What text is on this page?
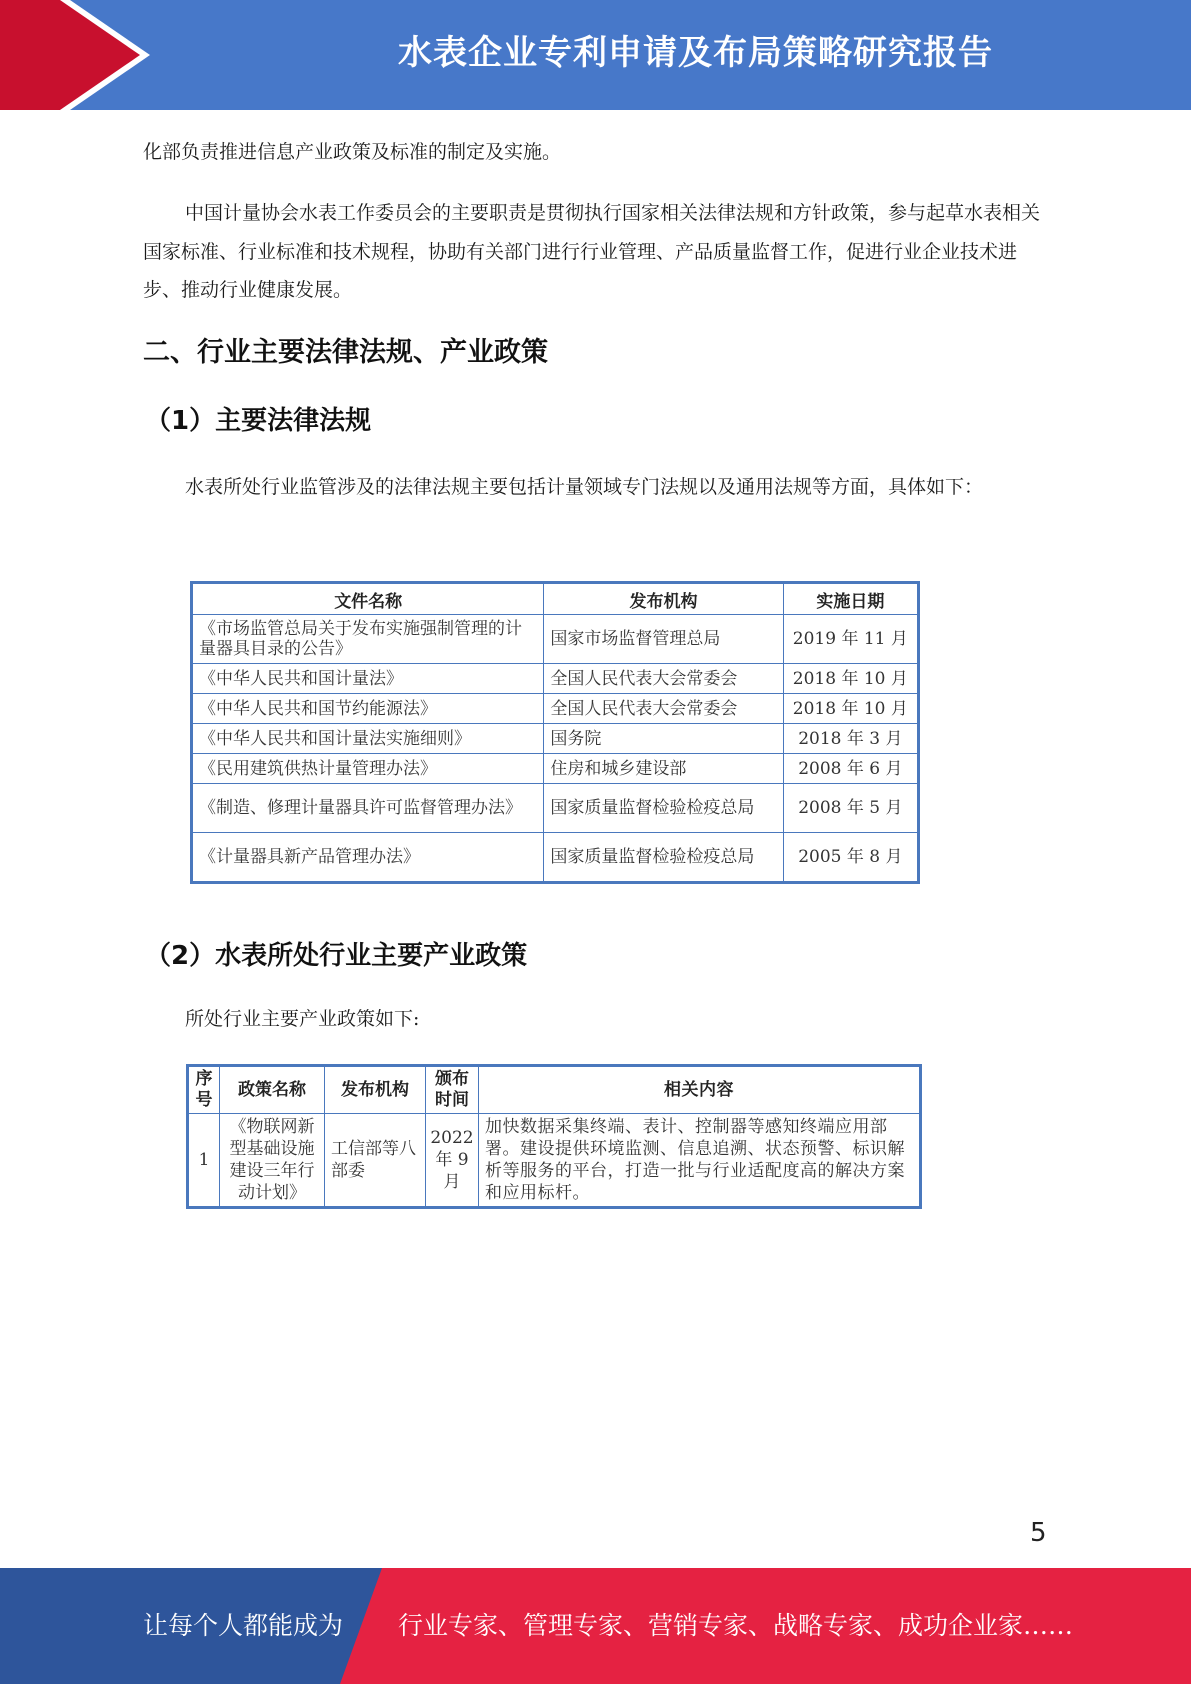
水表企业专利申请及布局策略研究报告

化部负责推进信息产业政策及标准的制定及实施。

中国计量协会水表工作委员会的主要职责是贯彻执行国家相关法律法规和方针政策，参与起草水表相关国家标准、行业标准和技术规程，协助有关部门进行行业管理、产品质量监督工作，促进行业企业技术进步、推动行业健康发展。

二、行业主要法律法规、产业政策
（1）主要法律法规

水表所处行业监管涉及的法律法规主要包括计量领域专门法规以及通用法规等方面，具体如下：

文件名称	发布机构	实施日期
《市场监管总局关于发布实施强制管理的计量器具目录的公告》	国家市场监督管理总局	2019 年 11 月
《中华人民共和国计量法》	全国人民代表大会常委会	2018 年 10 月
《中华人民共和国节约能源法》	全国人民代表大会常委会	2018 年 10 月
《中华人民共和国计量法实施细则》	国务院	2018 年 3 月
《民用建筑供热计量管理办法》	住房和城乡建设部	2008 年 6 月
《制造、修理计量器具许可监督管理办法》	国家质量监督检验检疫总局	2008 年 5 月
《计量器具新产品管理办法》	国家质量监督检验检疫总局	2005 年 8 月
（2）水表所处行业主要产业政策

所处行业主要产业政策如下:

序号	政策名称	发布机构	颁布时间	相关内容
1	《物联网新型基础设施建设三年行动计划》	工信部等八部委	2022 年 9 月	加快数据采集终端、表计、控制器等感知终端应用部署。建设提供环境监测、信息追溯、状态预警、标识解析等服务的平台，打造一批与行业适配度高的解决方案和应用标杆。
5
让每个人都能成为 行业专家、管理专家、营销专家、战略专家、成功企业家……
